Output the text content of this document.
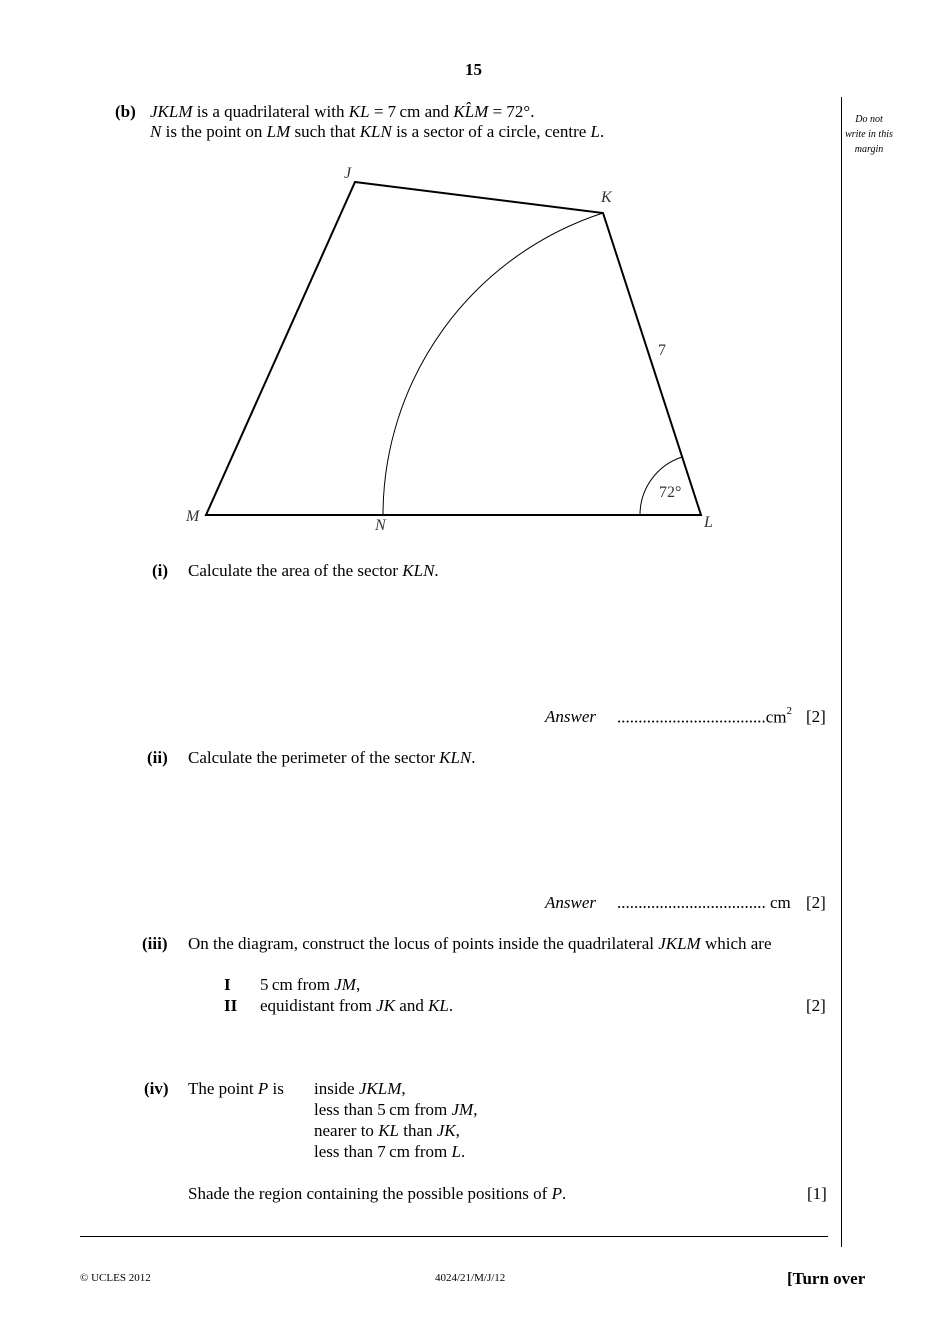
15
Do not
write in this
margin
(b) JKLM is a quadrilateral with KL = 7 cm and KL̂M = 72°.
N is the point on LM such that KLN is a sector of a circle, centre L.
J
K
L
M
N
7
72°
(i) Calculate the area of the sector KLN.
Answer $...................................cm^2$ [2]
(ii) Calculate the perimeter of the sector KLN.
Answer ................................... cm [2]
(iii) On the diagram, construct the locus of points inside the quadrilateral JKLM which are
I 5 cm from JM,
II equidistant from JK and KL.	[2]
(iv) The point P is inside JKLM,
less than 5 cm from JM,
nearer to KL than JK,
less than 7 cm from L.
Shade the region containing the possible positions of P.	[1]
© UCLES 2012	4024/21/M/J/12	[Turn over
